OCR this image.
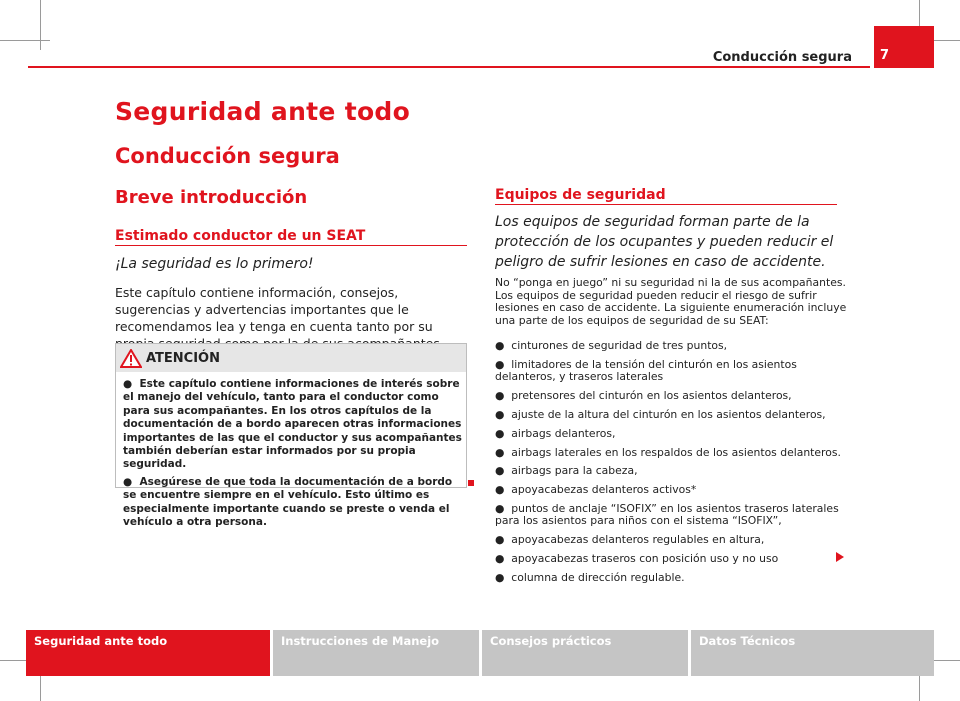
Conducción segura	7
Seguridad ante todo
Conducción segura
Breve introducción
Estimado conductor de un SEAT
¡La seguridad es lo primero!
Este capítulo contiene información, consejos, sugerencias y advertencias importantes que le recomendamos lea y tenga en cuenta tanto por su
ATENCIÓN
●  Este capítulo contiene informaciones de interés sobre el manejo del vehículo, tanto para el conductor como para sus acompañantes. En los otros capítulos de la documentación de a bordo aparecen otras informaciones importantes de las que el conductor y sus acompañantes también deberían estar informados por su propia seguridad.
●  Asegúrese de que toda la documentación de a bordo se encuentre siempre en el vehículo. Esto último es especialmente importante cuando se preste o venda el vehículo a otra persona.
Equipos de seguridad
Los equipos de seguridad forman parte de la protección de los ocupantes y pueden reducir el peligro de sufrir lesiones en caso de accidente.
No “ponga en juego” ni su seguridad ni la de sus acompañantes. Los equipos de seguridad pueden reducir el riesgo de sufrir lesiones en caso de accidente. La siguiente enumeración incluye una parte de los equipos de seguridad de su SEAT:
●  cinturones de seguridad de tres puntos,
●  limitadores de la tensión del cinturón en los asientos delanteros, y traseros laterales
●  pretensores del cinturón en los asientos delanteros,
●  ajuste de la altura del cinturón en los asientos delanteros,
●  airbags delanteros,
●  airbags laterales en los respaldos de los asientos delanteros.
●  airbags para la cabeza,
●  apoyacabezas delanteros activos*
●  puntos de anclaje “ISOFIX” en los asientos traseros laterales para los asientos para niños con el sistema “ISOFIX”,
●  apoyacabezas delanteros regulables en altura,
●  apoyacabezas traseros con posición uso y no uso
●  columna de dirección regulable.
Seguridad ante todo	Instrucciones de Manejo	Consejos prácticos	Datos Técnicos
